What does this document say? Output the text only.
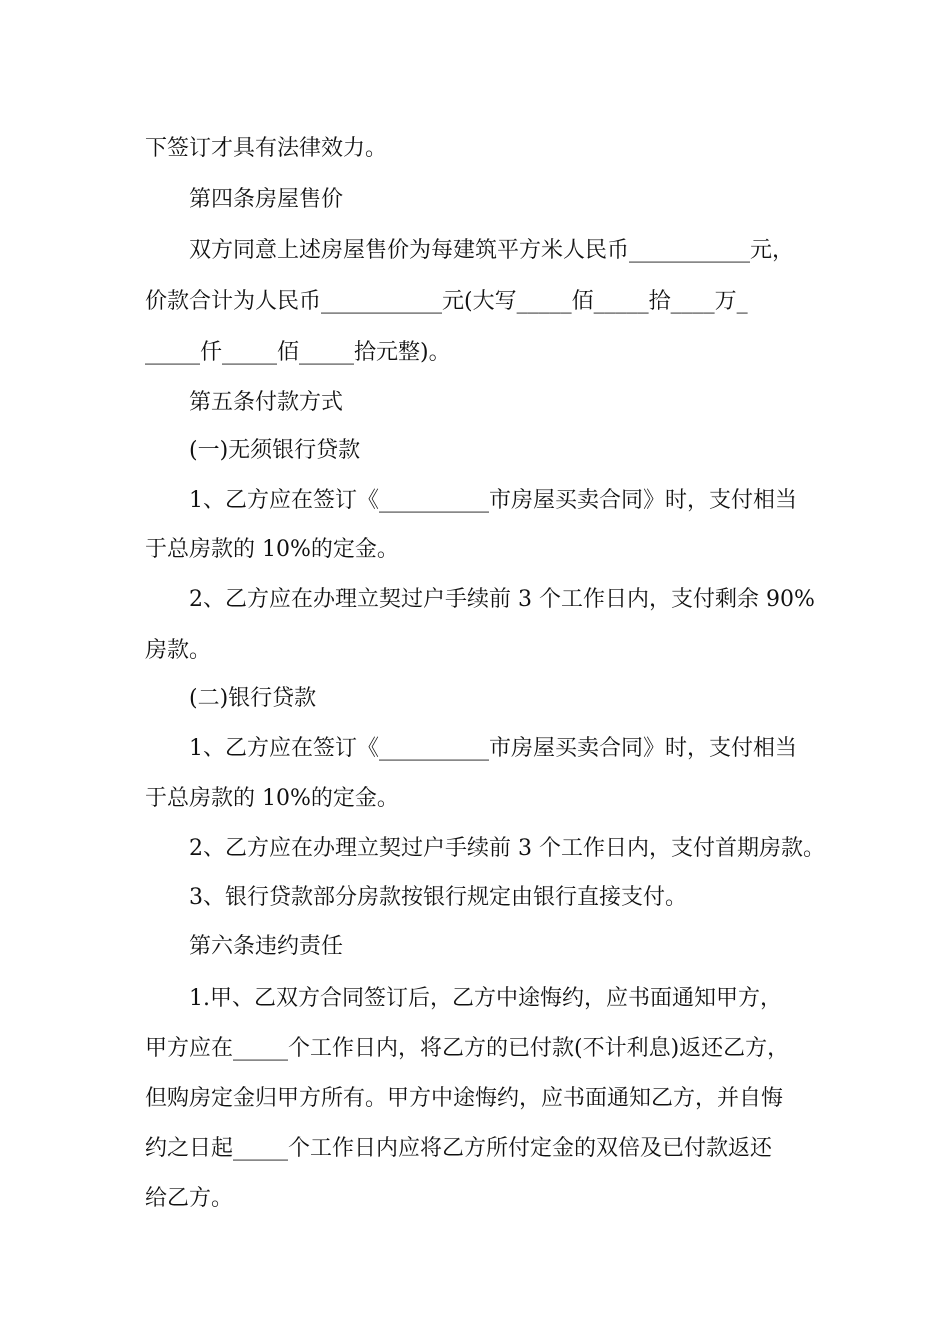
下签订才具有法律效力。
第四条房屋售价
双方同意上述房屋售价为每建筑平方米人民币___________元，
价款合计为人民币___________元(大写_____佰_____拾____万_
_____仟_____佰_____拾元整)。
第五条付款方式
(一)无须银行贷款
1、乙方应在签订《__________市房屋买卖合同》时，支付相当
于总房款的 10%的定金。
2、乙方应在办理立契过户手续前 3 个工作日内，支付剩余 90%
房款。
(二)银行贷款
1、乙方应在签订《__________市房屋买卖合同》时，支付相当
于总房款的 10%的定金。
2、乙方应在办理立契过户手续前 3 个工作日内，支付首期房款。
3、银行贷款部分房款按银行规定由银行直接支付。
第六条违约责任
1.甲、乙双方合同签订后，乙方中途悔约，应书面通知甲方，
甲方应在_____个工作日内，将乙方的已付款(不计利息)返还乙方，
但购房定金归甲方所有。甲方中途悔约，应书面通知乙方，并自悔
约之日起_____个工作日内应将乙方所付定金的双倍及已付款返还
给乙方。
